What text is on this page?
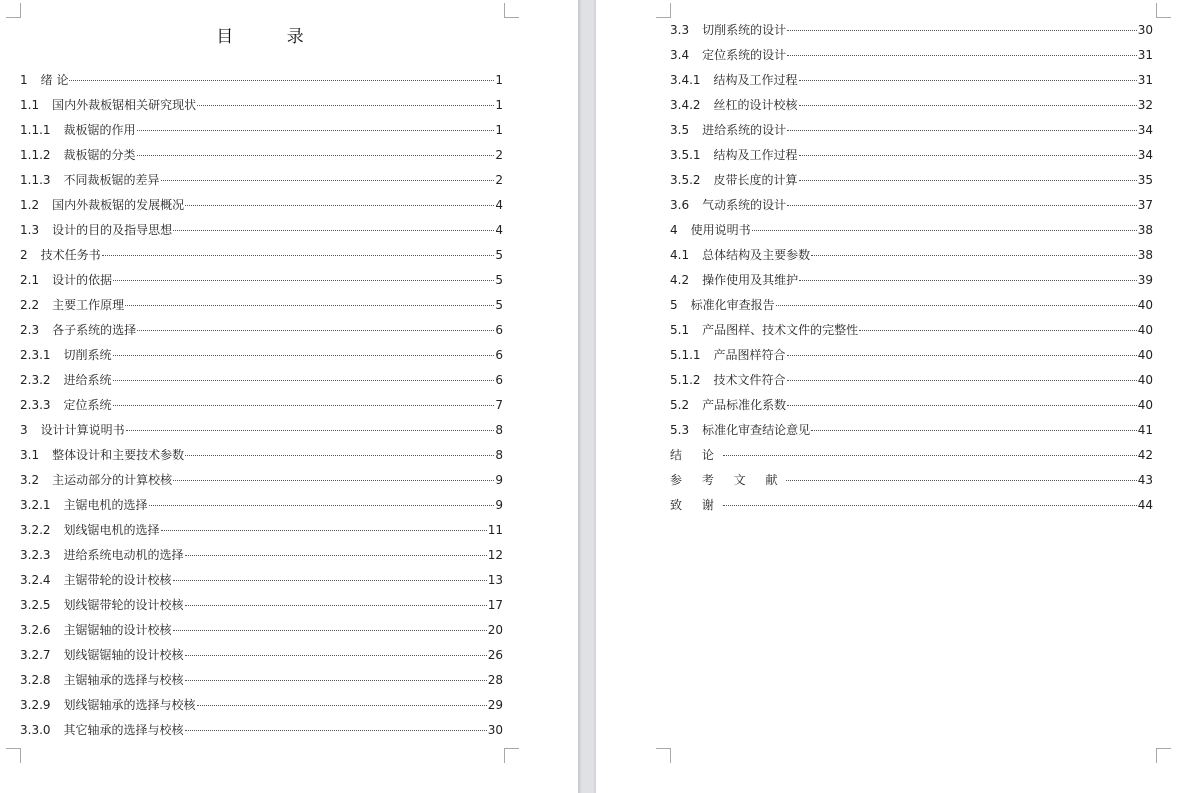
目 录
1 绪 论	1
1.1 国内外裁板锯相关研究现状	1
1.1.1 裁板锯的作用	1
1.1.2 裁板锯的分类	2
1.1.3 不同裁板锯的差异	2
1.2 国内外裁板锯的发展概况	4
1.3 设计的目的及指导思想	4
2 技术任务书	5
2.1 设计的依据	5
2.2 主要工作原理	5
2.3 各子系统的选择	6
2.3.1 切削系统	6
2.3.2 进给系统	6
2.3.3 定位系统	7
3 设计计算说明书	8
3.1 整体设计和主要技术参数	8
3.2 主运动部分的计算校核	9
3.2.1 主锯电机的选择	9
3.2.2 划线锯电机的选择	11
3.2.3 进给系统电动机的选择	12
3.2.4 主锯带轮的设计校核	13
3.2.5 划线锯带轮的设计校核	17
3.2.6 主锯锯轴的设计校核	20
3.2.7 划线锯锯轴的设计校核	26
3.2.8 主锯轴承的选择与校核	28
3.2.9 划线锯轴承的选择与校核	29
3.3.0 其它轴承的选择与校核	30
3.3 切削系统的设计	30
3.4 定位系统的设计	31
3.4.1 结构及工作过程	31
3.4.2 丝杠的设计校核	32
3.5 进给系统的设计	34
3.5.1 结构及工作过程	34
3.5.2 皮带长度的计算	35
3.6 气动系统的设计	37
4 使用说明书	38
4.1 总体结构及主要参数	38
4.2 操作使用及其维护	39
5 标准化审查报告	40
5.1 产品图样、技术文件的完整性	40
5.1.1 产品图样符合	40
5.1.2 技术文件符合	40
5.2 产品标准化系数	40
5.3 标准化审查结论意见	41
结 论	42
参 考 文 献	43
致 谢	44
